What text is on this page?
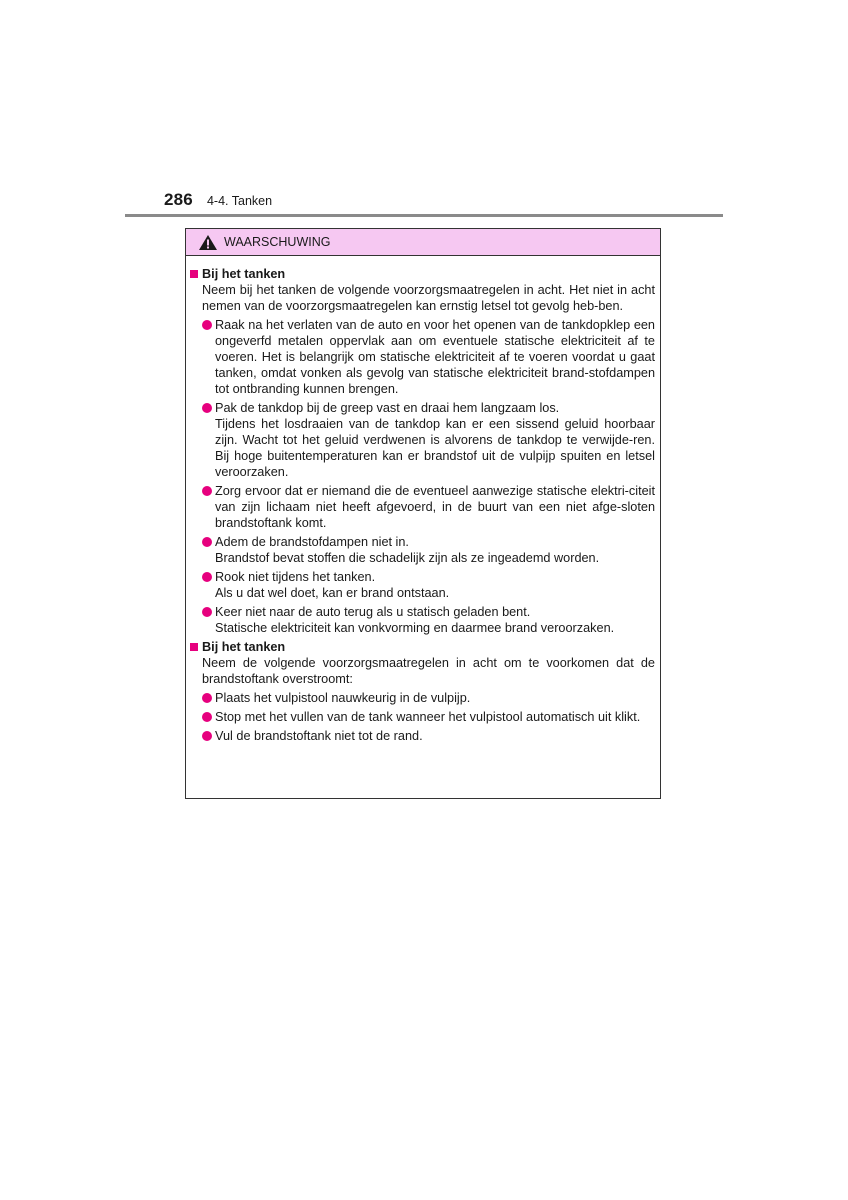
286 4-4. Tanken
WAARSCHUWING
Bij het tanken
Neem bij het tanken de volgende voorzorgsmaatregelen in acht. Het niet in acht nemen van de voorzorgsmaatregelen kan ernstig letsel tot gevolg heb-ben.
Raak na het verlaten van de auto en voor het openen van de tankdopklep een ongeverfd metalen oppervlak aan om eventuele statische elektriciteit af te voeren. Het is belangrijk om statische elektriciteit af te voeren voordat u gaat tanken, omdat vonken als gevolg van statische elektriciteit brand-stofdampen tot ontbranding kunnen brengen.
Pak de tankdop bij de greep vast en draai hem langzaam los.
Tijdens het losdraaien van de tankdop kan er een sissend geluid hoorbaar zijn. Wacht tot het geluid verdwenen is alvorens de tankdop te verwijde-ren. Bij hoge buitentemperaturen kan er brandstof uit de vulpijp spuiten en letsel veroorzaken.
Zorg ervoor dat er niemand die de eventueel aanwezige statische elektri-citeit van zijn lichaam niet heeft afgevoerd, in de buurt van een niet afge-sloten brandstoftank komt.
Adem de brandstofdampen niet in.
Brandstof bevat stoffen die schadelijk zijn als ze ingeademd worden.
Rook niet tijdens het tanken.
Als u dat wel doet, kan er brand ontstaan.
Keer niet naar de auto terug als u statisch geladen bent.
Statische elektriciteit kan vonkvorming en daarmee brand veroorzaken.
Bij het tanken
Neem de volgende voorzorgsmaatregelen in acht om te voorkomen dat de brandstoftank overstroomt:
Plaats het vulpistool nauwkeurig in de vulpijp.
Stop met het vullen van de tank wanneer het vulpistool automatisch uit klikt.
Vul de brandstoftank niet tot de rand.
